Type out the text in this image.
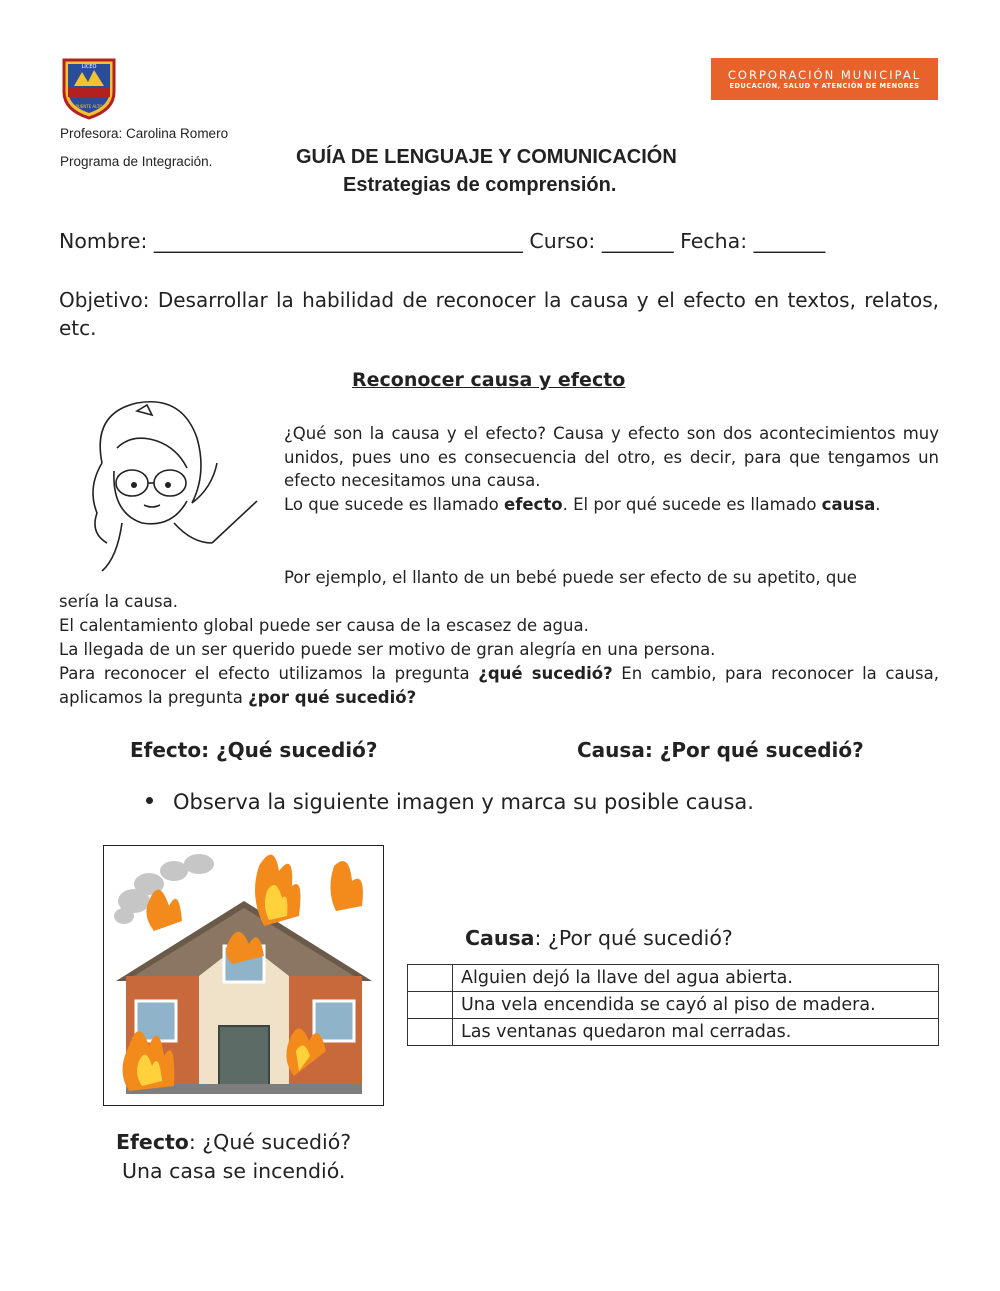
LICEO
PUENTE ALTO
CORPORACIÓN MUNICIPAL
EDUCACIÓN, SALUD Y ATENCIÓN DE MENORES
Profesora: Carolina Romero
Programa de Integración.	GUÍA DE LENGUAJE Y COMUNICACIÓN
Estrategias de comprensión.
Nombre: ____________________________________ Curso: _______ Fecha: _______
Objetivo: Desarrollar la habilidad de reconocer la causa y el efecto en textos, relatos, etc.
Reconocer causa y efecto
¿Qué son la causa y el efecto? Causa y efecto son dos acontecimientos muy unidos, pues uno es consecuencia del otro, es decir, para que tengamos un efecto necesitamos una causa.
Lo que sucede es llamado efecto. El por qué sucede es llamado causa.
Por ejemplo, el llanto de un bebé puede ser efecto de su apetito, que
sería la causa.
El calentamiento global puede ser causa de la escasez de agua.
La llegada de un ser querido puede ser motivo de gran alegría en una persona.
Para reconocer el efecto utilizamos la pregunta ¿qué sucedió? En cambio, para reconocer la causa, aplicamos la pregunta ¿por qué sucedió?
Efecto: ¿Qué sucedió?	Causa: ¿Por qué sucedió?
Observa la siguiente imagen y marca su posible causa.
Causa: ¿Por qué sucedió?
	Alguien dejó la llave del agua abierta.
	Una vela encendida se cayó al piso de madera.
	Las ventanas quedaron mal cerradas.
Efecto: ¿Qué sucedió?
Una casa se incendió.
